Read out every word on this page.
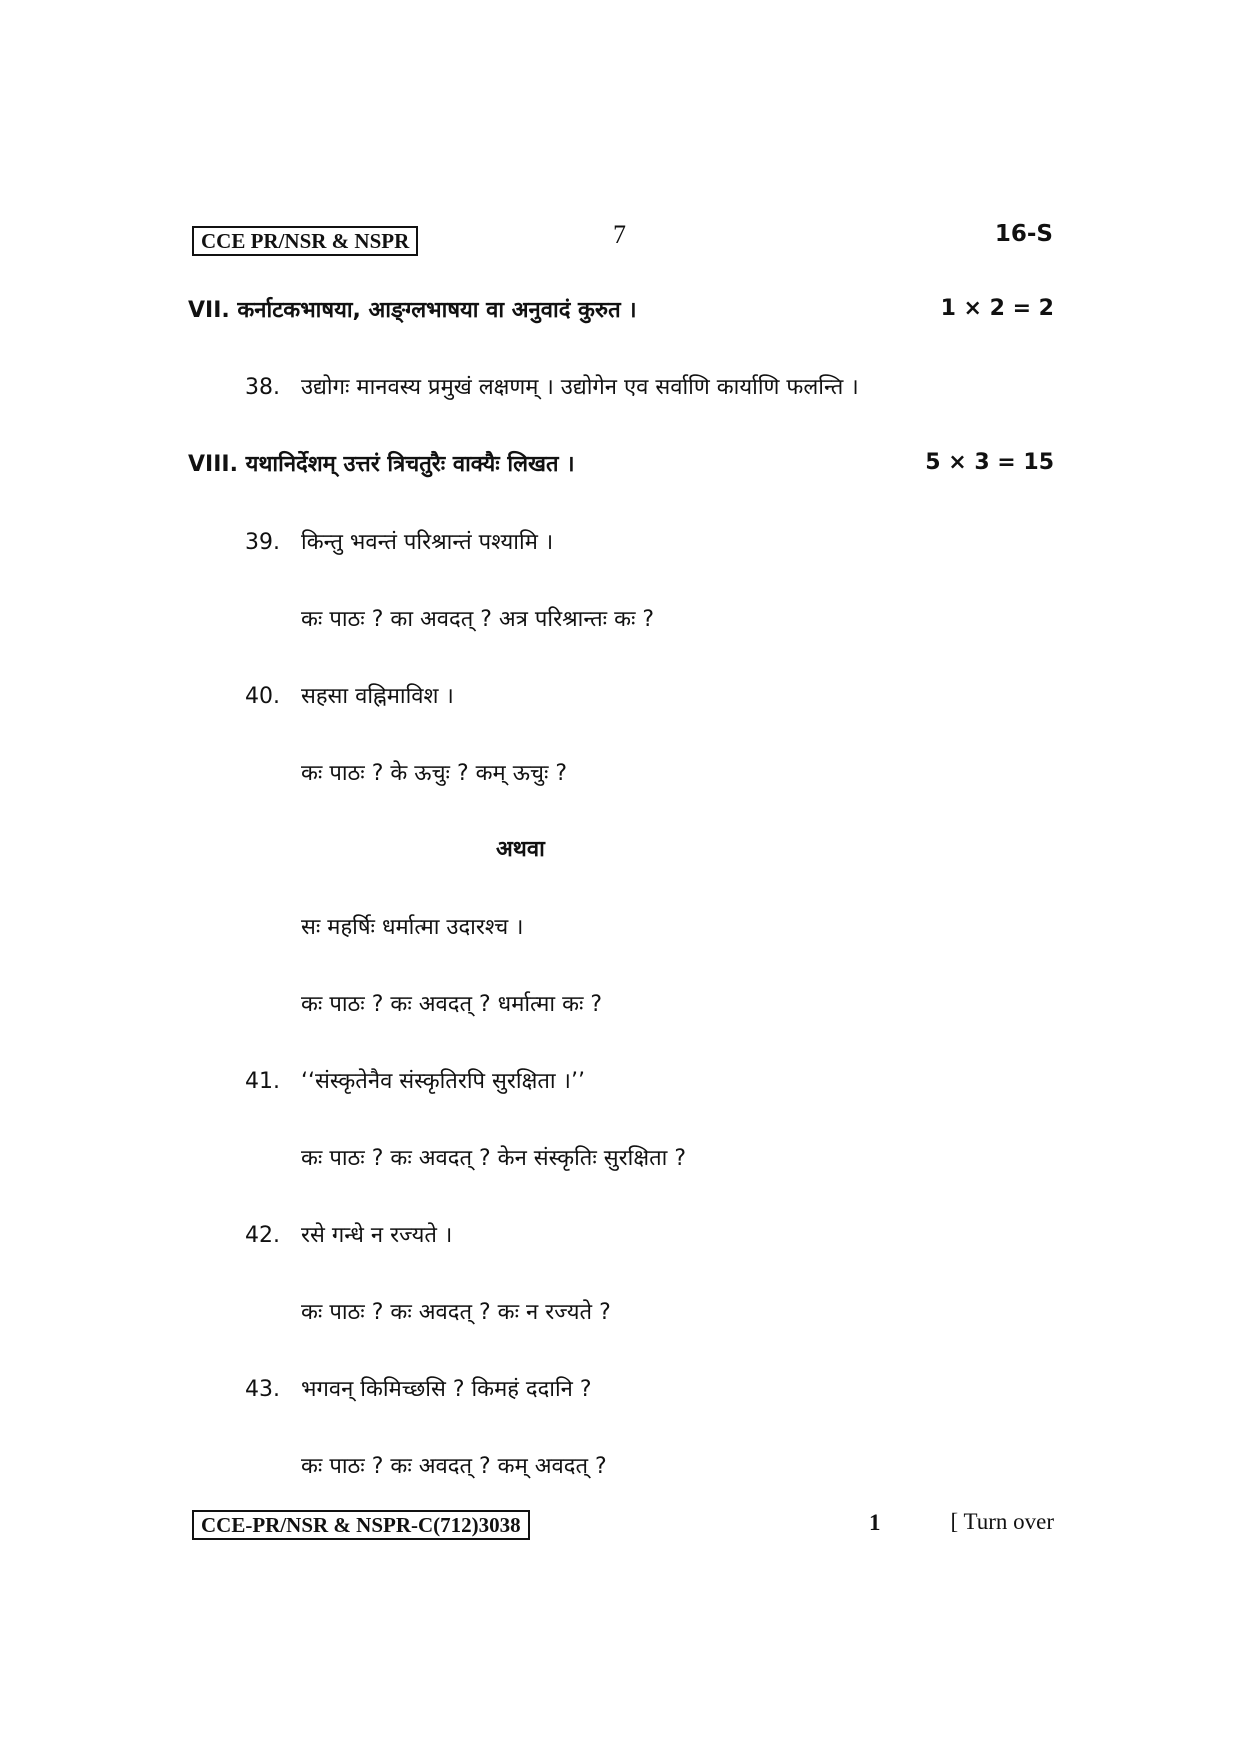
CCE PR/NSR & NSPR	7	16-S
VII. कर्नाटकभाषया, आङ्ग्लभाषया वा अनुवादं कुरुत ।	1 × 2 = 2
38. उद्योगः मानवस्य प्रमुखं लक्षणम् । उद्योगेन एव सर्वाणि कार्याणि फलन्ति ।
VIII. यथानिर्देशम् उत्तरं त्रिचतुरैः वाक्यैः लिखत ।	5 × 3 = 15
39. किन्तु भवन्तं परिश्रान्तं पश्यामि ।
कः पाठः ? का अवदत् ? अत्र परिश्रान्तः कः ?
40. सहसा वह्निमाविश ।
कः पाठः ? के ऊचुः ? कम् ऊचुः ?
अथवा
सः महर्षिः धर्मात्मा उदारश्च ।
कः पाठः ? कः अवदत् ? धर्मात्मा कः ?
41. ‘‘संस्कृतेनैव संस्कृतिरपि सुरक्षिता ।’’
कः पाठः ? कः अवदत् ? केन संस्कृतिः सुरक्षिता ?
42. रसे गन्धे न रज्यते ।
कः पाठः ? कः अवदत् ? कः न रज्यते ?
43. भगवन् किमिच्छसि ? किमहं ददानि ?
कः पाठः ? कः अवदत् ? कम् अवदत् ?
CCE-PR/NSR & NSPR-C(712)3038	1	[ Turn over
